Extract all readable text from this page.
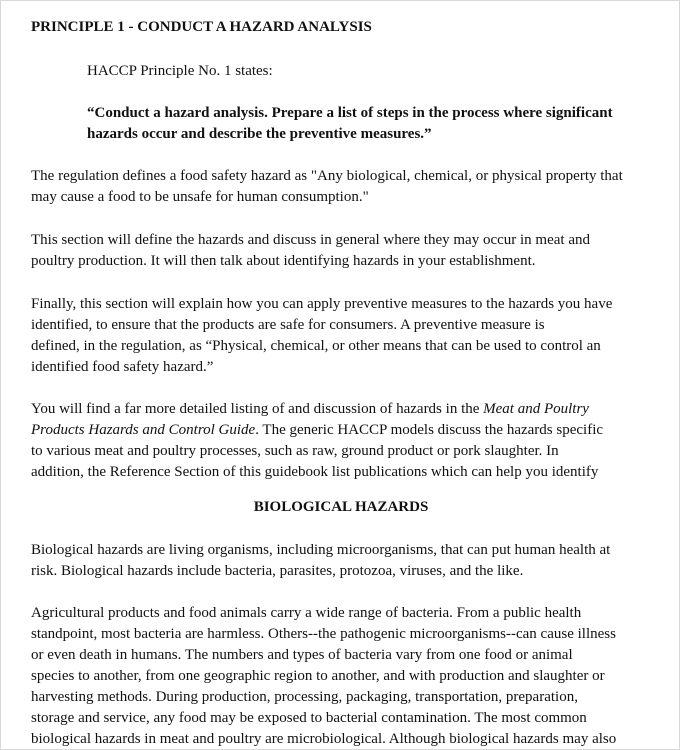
PRINCIPLE 1 - CONDUCT A HAZARD ANALYSIS

HACCP Principle No. 1 states:

“Conduct a hazard analysis. Prepare a list of steps in the process where significant

hazards occur and describe the preventive measures.”

The regulation defines a food safety hazard as "Any biological, chemical, or physical property that

may cause a food to be unsafe for human consumption."

This section will define the hazards and discuss in general where they may occur in meat and

poultry production. It will then talk about identifying hazards in your establishment.

Finally, this section will explain how you can apply preventive measures to the hazards you have

identified, to ensure that the products are safe for consumers. A preventive measure is

defined, in the regulation, as “Physical, chemical, or other means that can be used to control an

identified food safety hazard.”

You will find a far more detailed listing of and discussion of hazards in the Meat and Poultry

Products Hazards and Control Guide. The generic HACCP models discuss the hazards specific

to various meat and poultry processes, such as raw, ground product or pork slaughter. In

addition, the Reference Section of this guidebook list publications which can help you identify

BIOLOGICAL HAZARDS

Biological hazards are living organisms, including microorganisms, that can put human health at

risk. Biological hazards include bacteria, parasites, protozoa, viruses, and the like.

Agricultural products and food animals carry a wide range of bacteria. From a public health

standpoint, most bacteria are harmless. Others--the pathogenic microorganisms--can cause illness

or even death in humans. The numbers and types of bacteria vary from one food or animal

species to another, from one geographic region to another, and with production and slaughter or

harvesting methods. During production, processing, packaging, transportation, preparation,

storage and service, any food may be exposed to bacterial contamination. The most common

biological hazards in meat and poultry are microbiological. Although biological hazards may also
